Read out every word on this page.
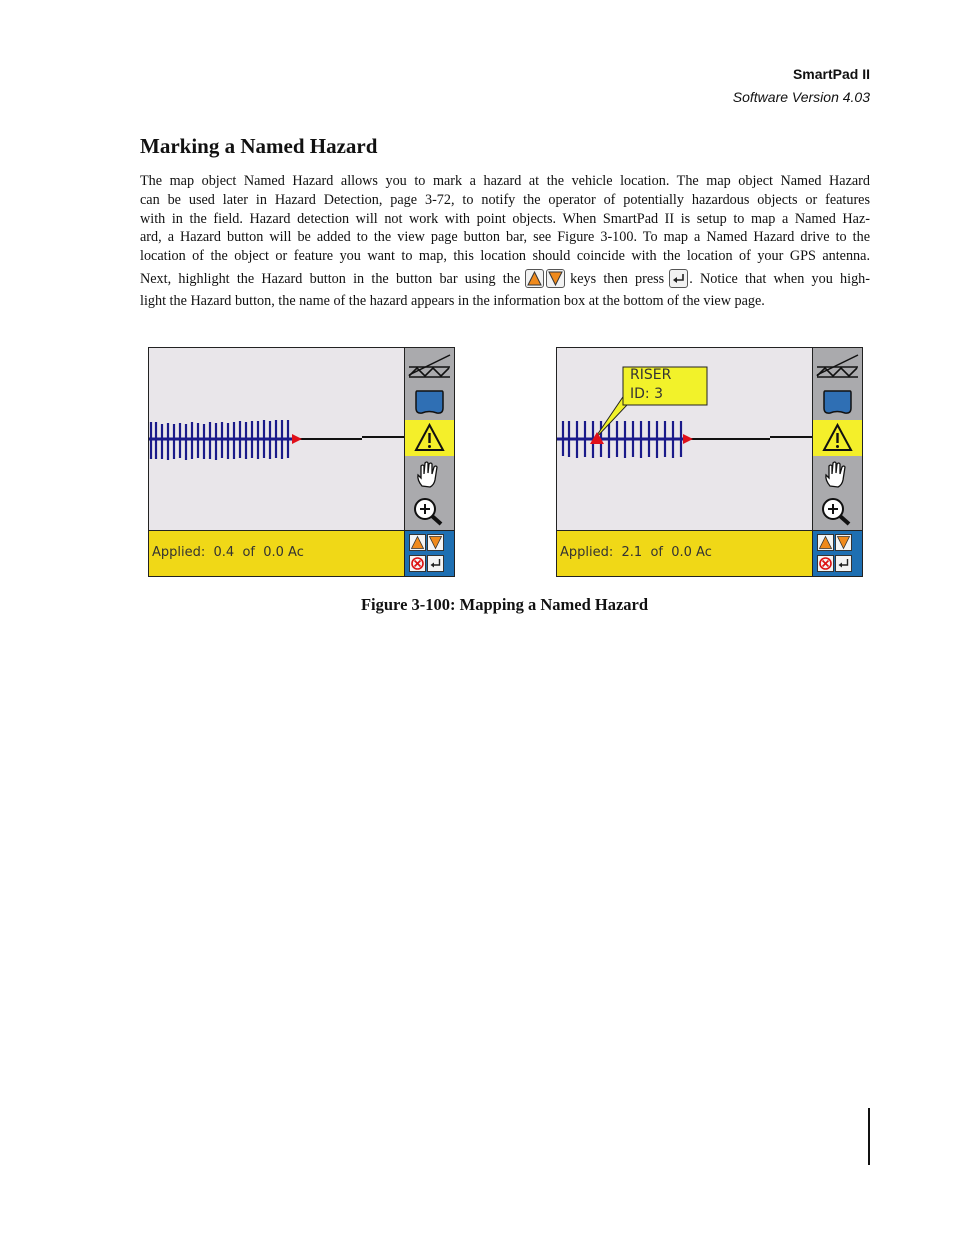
SmartPad II
Software Version 4.03
Marking a Named Hazard
The map object Named Hazard allows you to mark a hazard at the vehicle location. The map object Named Hazard
can be used later in Hazard Detection, page 3-72, to notify the operator of potentially hazardous objects or features
with in the field. Hazard detection will not work with point objects. When SmartPad II is setup to map a Named Haz-
ard, a Hazard button will be added to the view page button bar, see Figure 3-100. To map a Named Hazard drive to the
location of the object or feature you want to map, this location should coincide with the location of your GPS antenna.
Next, highlight the Hazard button in the button bar using the	keys then press . Notice that when you high-
light the Hazard button, the name of the hazard appears in the information box at the bottom of the view page.
Applied:  0.4  of  0.0 Ac
RISER
ID: 3
Applied:  2.1  of  0.0 Ac
Figure 3-100: Mapping a Named Hazard
